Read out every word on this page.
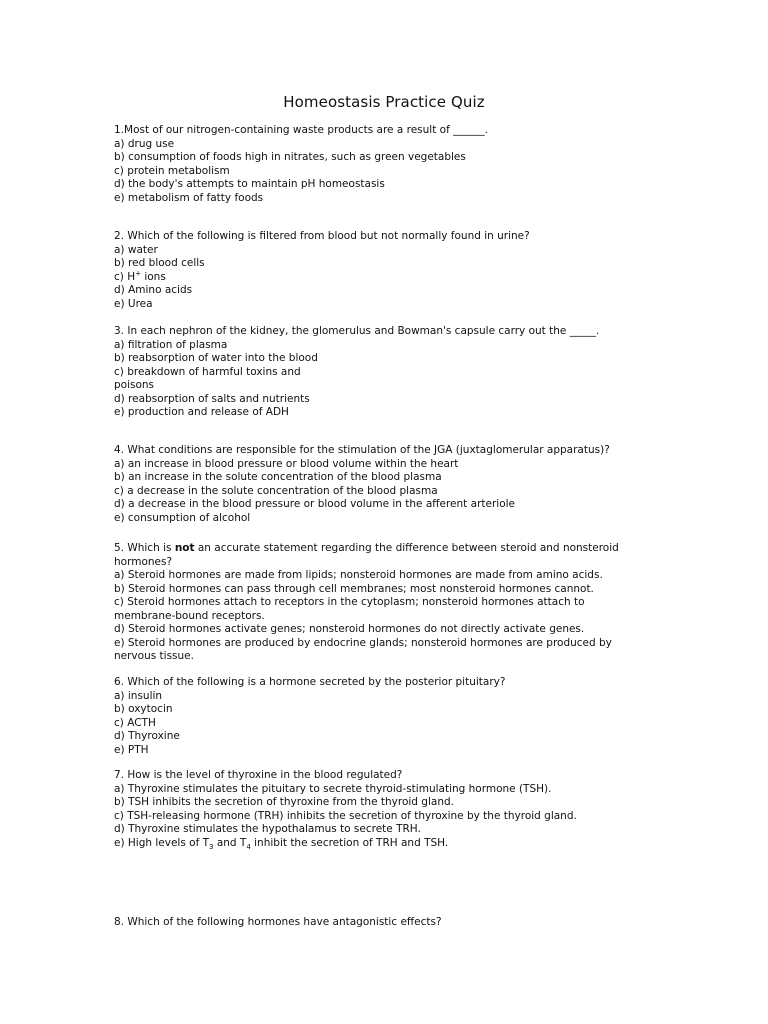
Homeostasis Practice Quiz
1.Most of our nitrogen-containing waste products are a result of ______.
a) drug use
b) consumption of foods high in nitrates, such as green vegetables
c) protein metabolism
d) the body's attempts to maintain pH homeostasis
e) metabolism of fatty foods
2. Which of the following is filtered from blood but not normally found in urine?
a) water
b) red blood cells
c) H+ ions
d) Amino acids
e) Urea
3. In each nephron of the kidney, the glomerulus and Bowman's capsule carry out the _____.
a) filtration of plasma
b) reabsorption of water into the blood
c) breakdown of harmful toxins and poisons
d) reabsorption of salts and nutrients
e) production and release of ADH
4. What conditions are responsible for the stimulation of the JGA (juxtaglomerular apparatus)?
a) an increase in blood pressure or blood volume within the heart
b) an increase in the solute concentration of the blood plasma
c) a decrease in the solute concentration of the blood plasma
d) a decrease in the blood pressure or blood volume in the afferent arteriole
e) consumption of alcohol
5. Which is not an accurate statement regarding the difference between steroid and nonsteroid hormones?
a) Steroid hormones are made from lipids; nonsteroid hormones are made from amino acids.
b) Steroid hormones can pass through cell membranes; most nonsteroid hormones cannot.
c) Steroid hormones attach to receptors in the cytoplasm; nonsteroid hormones attach to membrane-bound receptors.
d) Steroid hormones activate genes; nonsteroid hormones do not directly activate genes.
e) Steroid hormones are produced by endocrine glands; nonsteroid hormones are produced by nervous tissue.
6. Which of the following is a hormone secreted by the posterior pituitary?
a) insulin
b) oxytocin
c) ACTH
d) Thyroxine
e) PTH
7. How is the level of thyroxine in the blood regulated?
a) Thyroxine stimulates the pituitary to secrete thyroid-stimulating hormone (TSH).
b) TSH inhibits the secretion of thyroxine from the thyroid gland.
c) TSH-releasing hormone (TRH) inhibits the secretion of thyroxine by the thyroid gland.
d) Thyroxine stimulates the hypothalamus to secrete TRH.
e) High levels of $T_3$ and $T_4$ inhibit the secretion of TRH and TSH.
8. Which of the following hormones have antagonistic effects?
